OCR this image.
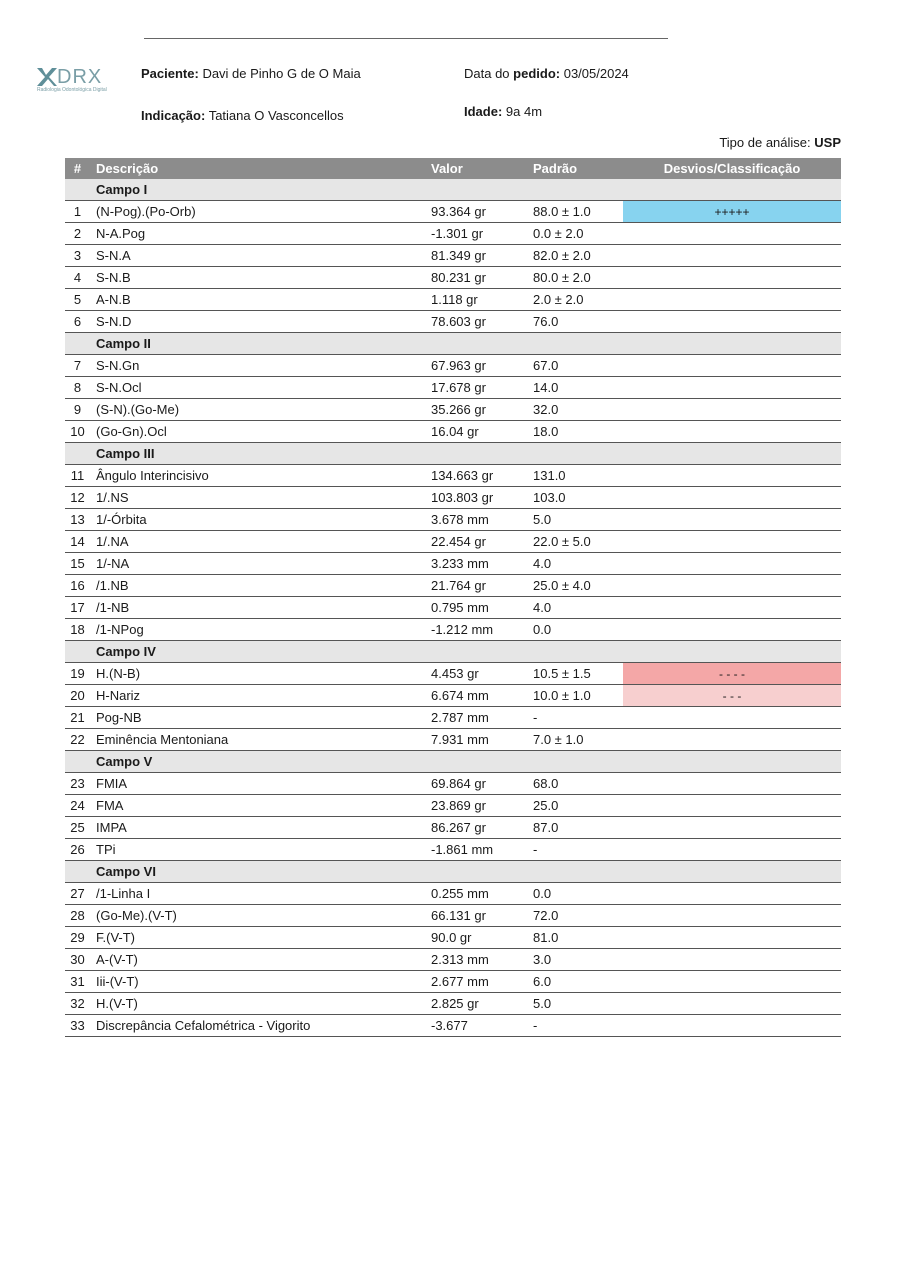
DRX
Radiologia Odontológica Digital
Paciente: Davi de Pinho G de O Maia	Data do pedido: 03/05/2024
Indicação: Tatiana O Vasconcellos	Idade: 9a 4m
Tipo de análise: USP
#	Descrição	Valor	Padrão	Desvios/Classificação
	Campo I			
1	(N-Pog).(Po-Orb)	93.364 gr	88.0 ± 1.0	+++++
2	N-A.Pog	-1.301 gr	0.0 ± 2.0	
3	S-N.A	81.349 gr	82.0 ± 2.0	
4	S-N.B	80.231 gr	80.0 ± 2.0	
5	A-N.B	1.118 gr	2.0 ± 2.0	
6	S-N.D	78.603 gr	76.0	
	Campo II			
7	S-N.Gn	67.963 gr	67.0	
8	S-N.Ocl	17.678 gr	14.0	
9	(S-N).(Go-Me)	35.266 gr	32.0	
10	(Go-Gn).Ocl	16.04 gr	18.0	
	Campo III			
11	Ângulo Interincisivo	134.663 gr	131.0	
12	1/.NS	103.803 gr	103.0	
13	1/-Órbita	3.678 mm	5.0	
14	1/.NA	22.454 gr	22.0 ± 5.0	
15	1/-NA	3.233 mm	4.0	
16	/1.NB	21.764 gr	25.0 ± 4.0	
17	/1-NB	0.795 mm	4.0	
18	/1-NPog	-1.212 mm	0.0	
	Campo IV			
19	H.(N-B)	4.453 gr	10.5 ± 1.5	- - - -
20	H-Nariz	6.674 mm	10.0 ± 1.0	- - -
21	Pog-NB	2.787 mm	-	
22	Eminência Mentoniana	7.931 mm	7.0 ± 1.0	
	Campo V			
23	FMIA	69.864 gr	68.0	
24	FMA	23.869 gr	25.0	
25	IMPA	86.267 gr	87.0	
26	TPi	-1.861 mm	-	
	Campo VI			
27	/1-Linha I	0.255 mm	0.0	
28	(Go-Me).(V-T)	66.131 gr	72.0	
29	F.(V-T)	90.0 gr	81.0	
30	A-(V-T)	2.313 mm	3.0	
31	Iii-(V-T)	2.677 mm	6.0	
32	H.(V-T)	2.825 gr	5.0	
33	Discrepância Cefalométrica - Vigorito	-3.677	-	
